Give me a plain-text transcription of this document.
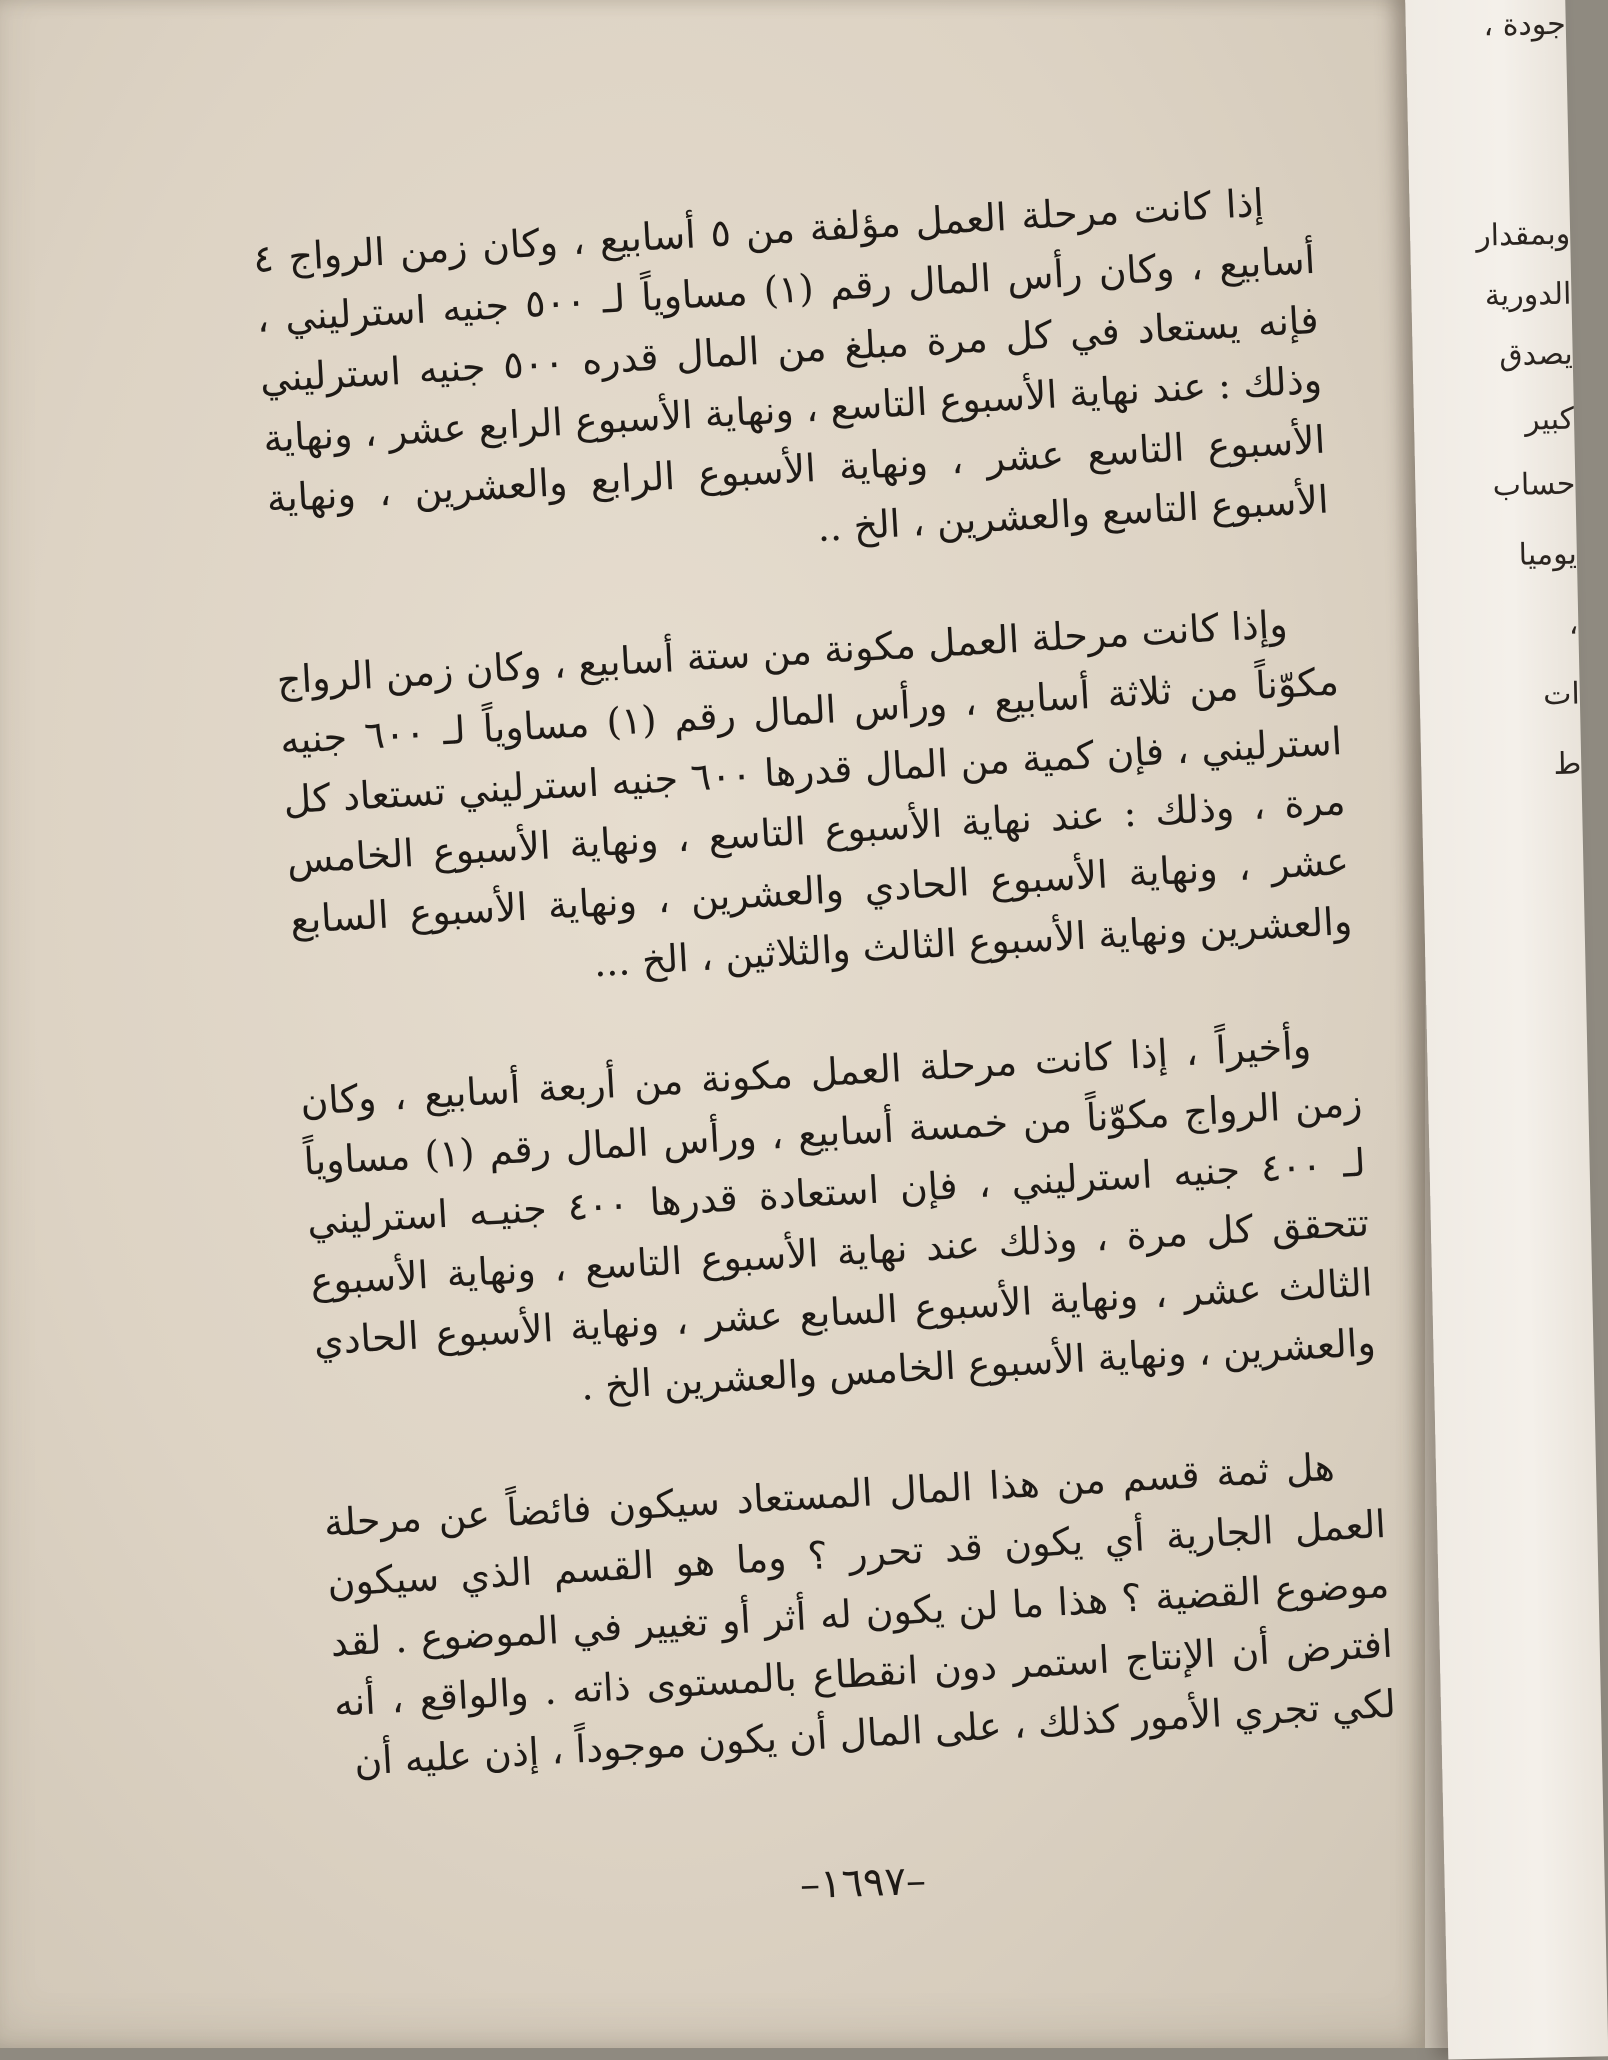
إذا كانت مرحلة العمل مؤلفة من ٥ أسابيع ، وكان زمن الرواج ٤ أسابيع ، وكان رأس المال رقم (١) مساوياً لـ ٥٠٠ جنيه استرليني ، فإنه يستعاد في كل مرة مبلغ من المال قدره ٥٠٠ جنيه استرليني وذلك : عند نهاية الأسبوع التاسع ، ونهاية الأسبوع الرابع عشر ، ونهاية الأسبوع التاسع عشر ، ونهاية الأسبوع الرابع والعشرين ، ونهاية الأسبوع التاسع والعشرين ، الخ ..

وإذا كانت مرحلة العمل مكونة من ستة أسابيع ، وكان زمن الرواج مكوّناً من ثلاثة أسابيع ، ورأس المال رقم (١) مساوياً لـ ٦٠٠ جنيه استرليني ، فإن كمية من المال قدرها ٦٠٠ جنيه استرليني تستعاد كل مرة ، وذلك : عند نهاية الأسبوع التاسع ، ونهاية الأسبوع الخامس عشر ، ونهاية الأسبوع الحادي والعشرين ، ونهاية الأسبوع السابع والعشرين ونهاية الأسبوع الثالث والثلاثين ، الخ ...

وأخيراً ، إذا كانت مرحلة العمل مكونة من أربعة أسابيع ، وكان زمن الرواج مكوّناً من خمسة أسابيع ، ورأس المال رقم (١) مساوياً لـ ٤٠٠ جنيه استرليني ، فإن استعادة قدرها ٤٠٠ جنيـه استرليني تتحقق كل مرة ، وذلك عند نهاية الأسبوع التاسع ، ونهاية الأسبوع الثالث عشر ، ونهاية الأسبوع السابع عشر ، ونهاية الأسبوع الحادي والعشرين ، ونهاية الأسبوع الخامس والعشرين الخ .

هل ثمة قسم من هذا المال المستعاد سيكون فائضاً عن مرحلة العمل الجارية أي يكون قد تحرر ؟ وما هو القسم الذي سيكون موضوع القضية ؟ هذا ما لن يكون له أثر أو تغيير في الموضوع . لقد افترض أن الإنتاج استمر دون انقطاع بالمستوى ذاته . والواقع ، أنه لكي تجري الأمور كذلك ، على المال أن يكون موجوداً ، إذن عليه أن

–١٦٩٧–
جودة ،
وبمقدار
الدورية
يصدق
كبير
حساب
يوميا
،
ات
ط
